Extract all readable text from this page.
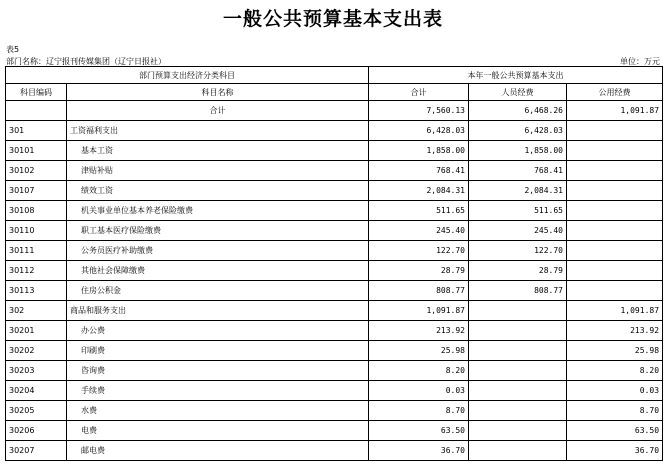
一般公共预算基本支出表
表5
部门名称：辽宁报刊传媒集团（辽宁日报社）	单位：万元
部门预算支出经济分类科目		本年一般公共预算基本支出		
科目编码	科目名称	合计	人员经费	公用经费
	合计	7,560.13	6,468.26	1,091.87
301	工资福利支出	6,428.03	6,428.03	
30101	基本工资	1,858.00	1,858.00	
30102	津贴补贴	768.41	768.41	
30107	绩效工资	2,084.31	2,084.31	
30108	机关事业单位基本养老保险缴费	511.65	511.65	
30110	职工基本医疗保险缴费	245.40	245.40	
30111	公务员医疗补助缴费	122.70	122.70	
30112	其他社会保障缴费	28.79	28.79	
30113	住房公积金	808.77	808.77	
302	商品和服务支出	1,091.87		1,091.87
30201	办公费	213.92		213.92
30202	印刷费	25.98		25.98
30203	咨询费	8.20		8.20
30204	手续费	0.03		0.03
30205	水费	8.70		8.70
30206	电费	63.50		63.50
30207	邮电费	36.70		36.70
